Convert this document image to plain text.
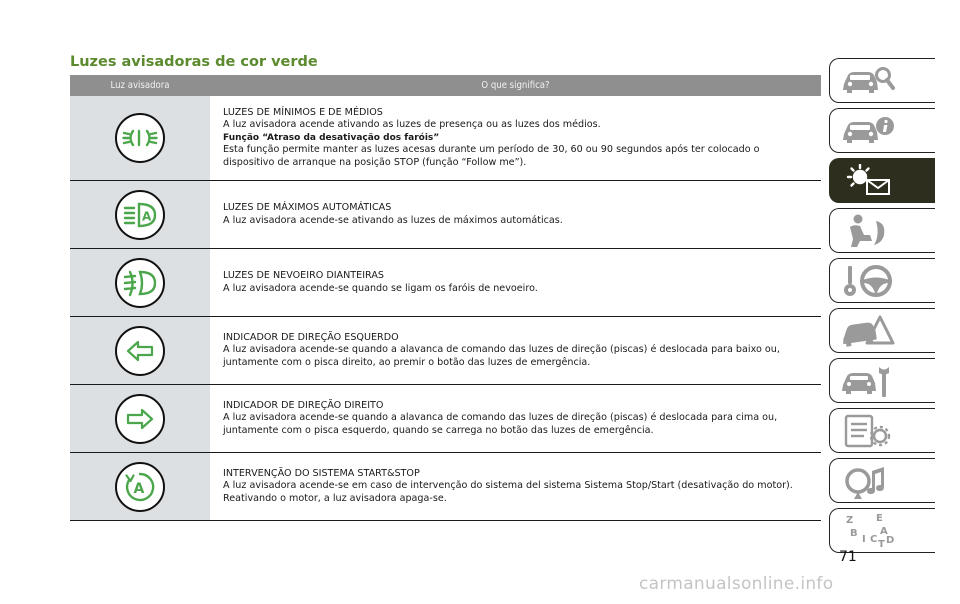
Luzes avisadoras de cor verde
Luz avisadora	O que significa?

LUZES DE MÍNIMOS E DE MÉDIOS

A luz avisadora acende ativando as luzes de presença ou as luzes dos médios.

Função “Atraso da desativação dos faróis”

Esta função permite manter as luzes acesas durante um período de 30, 60 ou 90 segundos após ter colocado o dispositivo de arranque na posição STOP (função “Follow me”).

A

LUZES DE MÁXIMOS AUTOMÁTICAS

A luz avisadora acende-se ativando as luzes de máximos automáticas.

LUZES DE NEVOEIRO DIANTEIRAS

A luz avisadora acende-se quando se ligam os faróis de nevoeiro.

INDICADOR DE DIREÇÃO ESQUERDO

A luz avisadora acende-se quando a alavanca de comando das luzes de direção (piscas) é deslocada para baixo ou, juntamente com o pisca direito, ao premir o botão das luzes de emergência.

INDICADOR DE DIREÇÃO DIREITO

A luz avisadora acende-se quando a alavanca de comando das luzes de direção (piscas) é deslocada para cima ou, juntamente com o pisca esquerdo, quando se carrega no botão das luzes de emergência.

A

INTERVENÇÃO DO SISTEMA START&STOP

A luz avisadora acende-se em caso de intervenção do sistema del sistema Sistema Stop/Start (desativação do motor). Reativando o motor, a luz avisadora apaga-se.

Z E
B A
I C T D
71
carmanualsonline.info
